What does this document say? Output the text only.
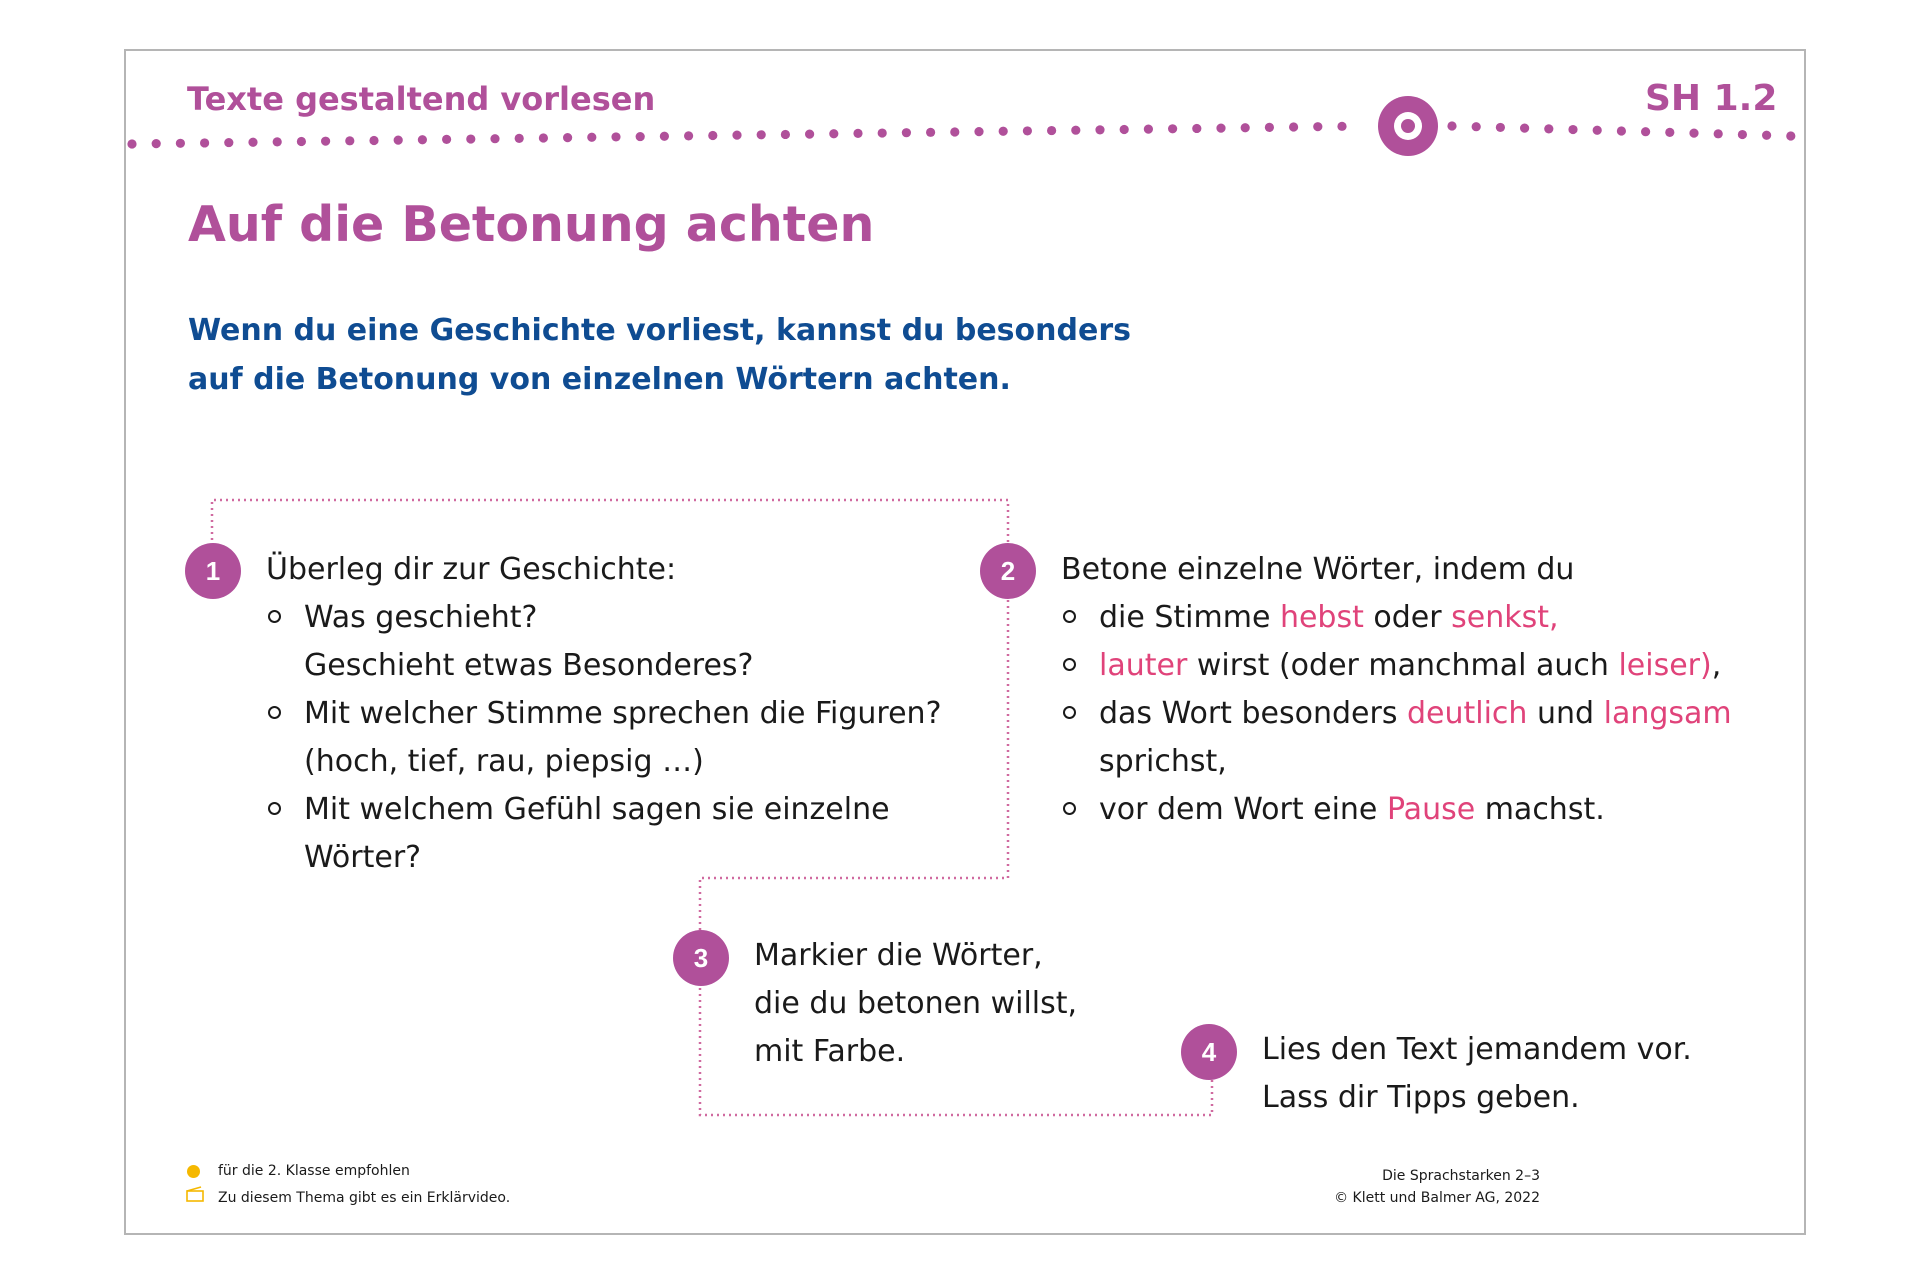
Texte gestaltend vorlesen	SH 1.2
Auf die Betonung achten
Wenn du eine Geschichte vorliest, kannst du besonders
auf die Betonung von einzelnen Wörtern achten.
1	Überleg dir zur Geschichte:
Was geschieht?
Geschieht etwas Besonderes?
Mit welcher Stimme sprechen die Figuren?
(hoch, tief, rau, piepsig …)
Mit welchem Gefühl sagen sie einzelne
Wörter?
2	Betone einzelne Wörter, indem du
die Stimme hebst oder senkst,
lauter wirst (oder manchmal auch leiser),
das Wort besonders deutlich und langsam
sprichst,
vor dem Wort eine Pause machst.
3	Markier die Wörter,
die du betonen willst,
mit Farbe.	4	Lies den Text jemandem vor.
Lass dir Tipps geben.
für die 2. Klasse empfohlen
Zu diesem Thema gibt es ein Erklärvideo.
Die Sprachstarken 2–3
© Klett und Balmer AG, 2022
